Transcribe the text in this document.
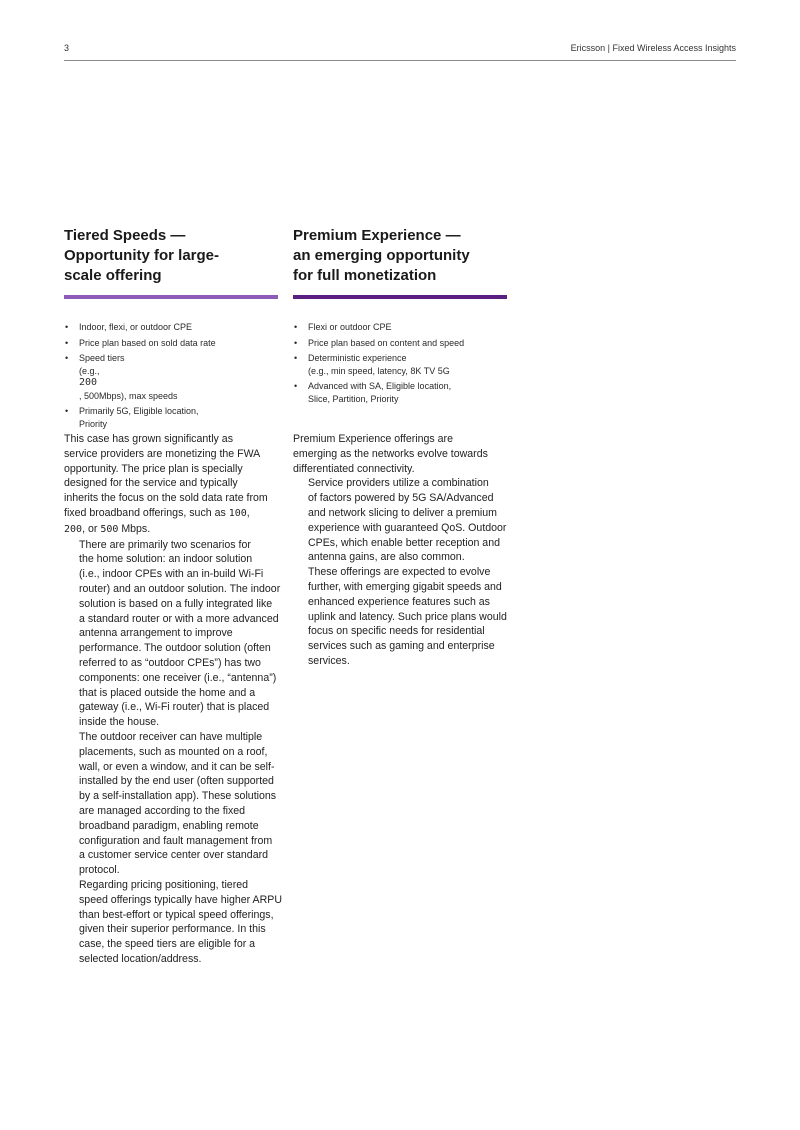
3	Ericsson | Fixed Wireless Access Insights
Tiered Speeds —
Opportunity for large-
scale offering
• Indoor, flexi, or outdoor CPE
• Price plan based on sold data rate
• Speed tiers
(e.g.,
200
, 500Mbps), max speeds
• Primarily 5G, Eligible location,
Priority
Premium Experience —
an emerging opportunity
for full monetization
• Flexi or outdoor CPE
• Price plan based on content and speed
• Deterministic experience
(e.g., min speed, latency, 8K TV 5G
• Advanced with SA, Eligible location,
Slice, Partition, Priority

This case has grown significantly as
service providers are monetizing the FWA
opportunity. The price plan is specially
designed for the service and typically
inherits the focus on the sold data rate from
fixed broadband offerings, such as 100,
200, or 500 Mbps.

There are primarily two scenarios for
the home solution: an indoor solution
(i.e., indoor CPEs with an in-build Wi-Fi
router) and an outdoor solution. The indoor
solution is based on a fully integrated like
a standard router or with a more advanced
antenna arrangement to improve
performance. The outdoor solution (often
referred to as “outdoor CPEs”) has two
components: one receiver (i.e., “antenna”)
that is placed outside the home and a
gateway (i.e., Wi-Fi router) that is placed
inside the house.

The outdoor receiver can have multiple
placements, such as mounted on a roof,
wall, or even a window, and it can be self-
installed by the end user (often supported
by a self-installation app). These solutions
are managed according to the fixed
broadband paradigm, enabling remote
configuration and fault management from
a customer service center over standard
protocol.

Regarding pricing positioning, tiered
speed offerings typically have higher ARPU
than best-effort or typical speed offerings,
given their superior performance. In this
case, the speed tiers are eligible for a
selected location/address.

Premium Experience offerings are
emerging as the networks evolve towards
differentiated connectivity.

Service providers utilize a combination
of factors powered by 5G SA/Advanced
and network slicing to deliver a premium
experience with guaranteed QoS. Outdoor
CPEs, which enable better reception and
antenna gains, are also common.

These offerings are expected to evolve
further, with emerging gigabit speeds and
enhanced experience features such as
uplink and latency. Such price plans would
focus on specific needs for residential
services such as gaming and enterprise
services.
